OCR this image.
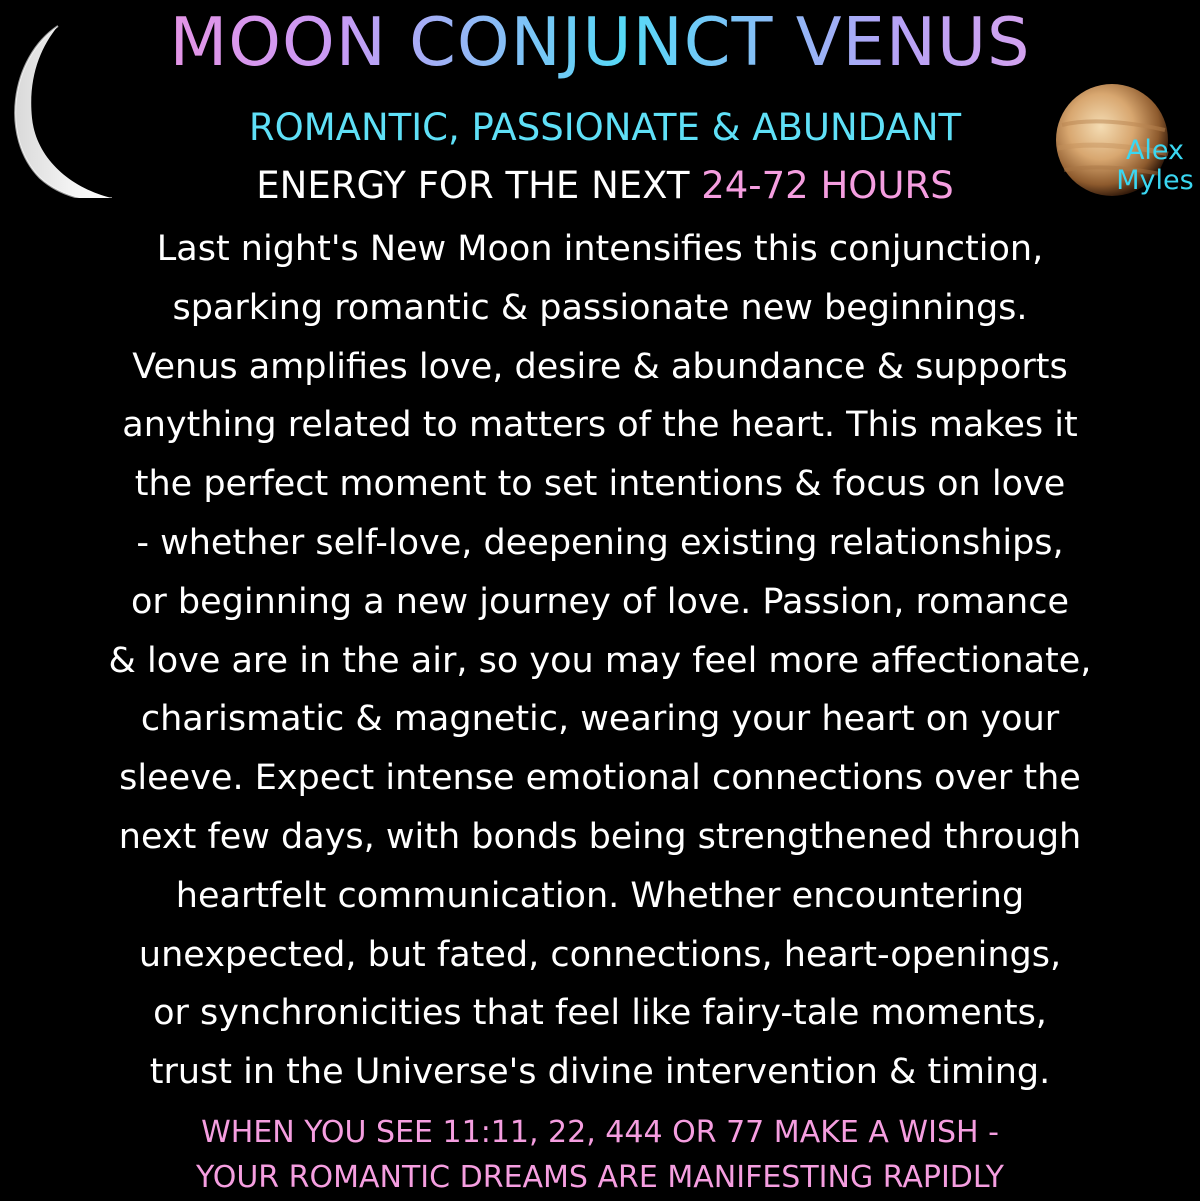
Alex
Myles
MOON CONJUNCT VENUS
ROMANTIC, PASSIONATE & ABUNDANT
ENERGY FOR THE NEXT 24-72 HOURS
Last night's New Moon intensifies this conjunction,
sparking romantic & passionate new beginnings.
Venus amplifies love, desire & abundance & supports
anything related to matters of the heart. This makes it
the perfect moment to set intentions & focus on love
- whether self-love, deepening existing relationships,
or beginning a new journey of love. Passion, romance
& love are in the air, so you may feel more affectionate,
charismatic & magnetic, wearing your heart on your
sleeve. Expect intense emotional connections over the
next few days, with bonds being strengthened through
heartfelt communication. Whether encountering
unexpected, but fated, connections, heart-openings,
or synchronicities that feel like fairy-tale moments,
trust in the Universe's divine intervention & timing.
WHEN YOU SEE 11:11, 22, 444 OR 77 MAKE A WISH -
YOUR ROMANTIC DREAMS ARE MANIFESTING RAPIDLY
